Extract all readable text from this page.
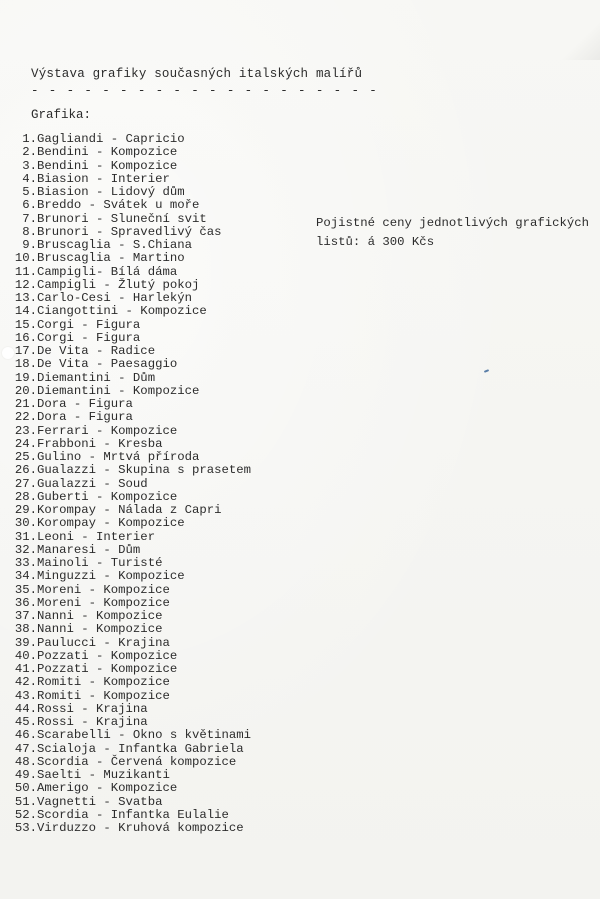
Výstava grafiky současných italských malířů
- - - - - - - - - - - - - - - - - - - -
Grafika:
1. Gagliandi - Capricio
2. Bendini - Kompozice
3. Bendini - Kompozice
4. Biasion - Interier
5. Biasion - Lidový dům
6. Breddo - Svátek u moře
7. Brunori - Sluneční svit
8. Brunori - Spravedlivý čas
9. Bruscaglia - S.Chiana
10. Bruscaglia - Martino
11. Campigli- Bílá dáma
12. Campigli - Žlutý pokoj
13. Carlo-Cesi - Harlekýn
14. Ciangottini - Kompozice
15. Corgi - Figura
16. Corgi - Figura
17. De Vita - Radice
18. De Vita - Paesaggio
19. Diemantini - Dům
20. Diemantini - Kompozice
21. Dora - Figura
22. Dora - Figura
23. Ferrari - Kompozice
24. Frabboni - Kresba
25. Gulino - Mrtvá příroda
26. Gualazzi - Skupina s prasetem
27. Gualazzi - Soud
28. Guberti - Kompozice
29. Korompay - Nálada z Capri
30. Korompay - Kompozice
31. Leoni - Interier
32. Manaresi - Dům
33. Mainoli - Turisté
34. Minguzzi - Kompozice
35. Moreni - Kompozice
36. Moreni - Kompozice
37. Nanni - Kompozice
38. Nanni - Kompozice
39. Paulucci - Krajina
40. Pozzati - Kompozice
41. Pozzati - Kompozice
42. Romiti - Kompozice
43. Romiti - Kompozice
44. Rossi - Krajina
45. Rossi - Krajina
46. Scarabelli - Okno s květinami
47. Scialoja - Infantka Gabriela
48. Scordia - Červená kompozice
49. Saelti - Muzikanti
50. Amerigo - Kompozice
51. Vagnetti - Svatba
52. Scordia - Infantka Eulalie
53. Virduzzo - Kruhová kompozice
Pojistné ceny jednotlivých grafických
listů: á 300 Kčs
